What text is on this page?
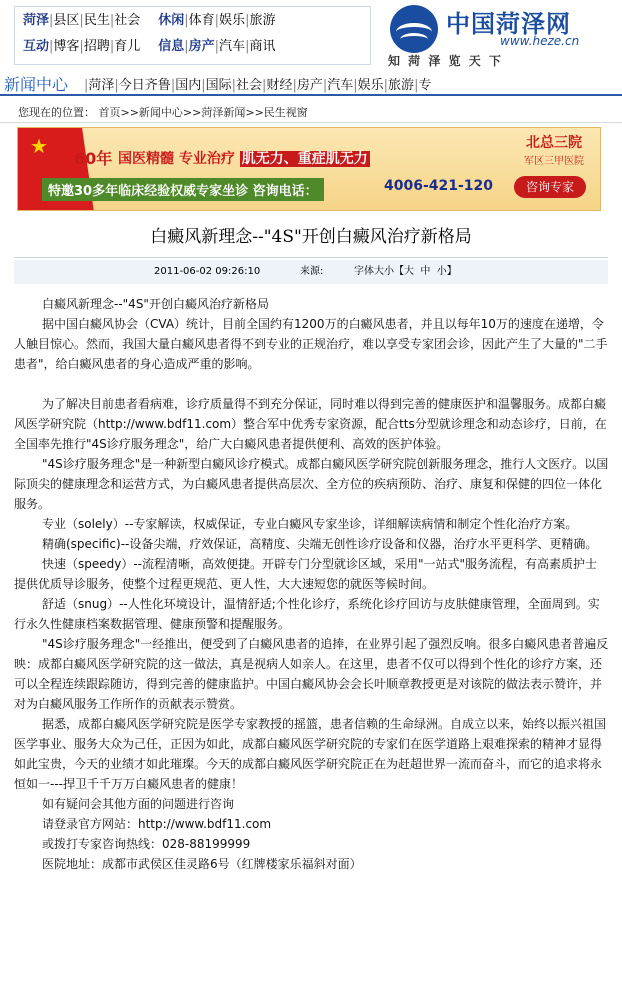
菏泽|县区|民生|社会 休闲|体育|娱乐|旅游
互动|博客|招聘|育儿 信息|房产|汽车|商讯
中国菏泽网
www.heze.cn
知 菏 泽 览 天 下
新闻中心 |菏泽|今日齐鲁|国内|国际|社会|财经|房产|汽车|娱乐|旅游|专
您现在的位置： 首页>>新闻中心>>菏泽新闻>>民生视窗
★
60年 国医精髓 专业治疗 肌无力、重症肌无力
特邀30多年临床经验权威专家坐诊 咨询电话：	4006-421-120
北总三院
军区三甲医院
咨询专家
白癜风新理念--"4S"开创白癜风治疗新格局
2011-06-02 09:26:10	来源:	字体大小【大 中 小】

白癜风新理念--"4S"开创白癜风治疗新格局

据中国白癜风协会（CVA）统计，目前全国约有1200万的白癜风患者，并且以每年10万的速度在递增，令人触目惊心。然而，我国大量白癜风患者得不到专业的正规治疗，难以享受专家团会诊，因此产生了大量的"二手患者"，给白癜风患者的身心造成严重的影响。

为了解决目前患者看病难，诊疗质量得不到充分保证，同时难以得到完善的健康医护和温馨服务。成都白癜风医学研究院（http://www.bdf11.com）整合军中优秀专家资源，配合tts分型就诊理念和动态诊疗，日前，在全国率先推行"4S诊疗服务理念"，给广大白癜风患者提供便利、高效的医护体验。

"4S诊疗服务理念"是一种新型白癜风诊疗模式。成都白癜风医学研究院创新服务理念，推行人文医疗。以国际顶尖的健康理念和运营方式，为白癜风患者提供高层次、全方位的疾病预防、治疗、康复和保健的四位一体化服务。

专业（solely）--专家解读，权威保证，专业白癜风专家坐诊，详细解读病情和制定个性化治疗方案。

精确(specific)--设备尖端，疗效保证，高精度、尖端无创性诊疗设备和仪器，治疗水平更科学、更精确。

快速（speedy）--流程清晰，高效便捷。开辟专门分型就诊区域，采用"一站式"服务流程，有高素质护士提供优质导诊服务，使整个过程更规范、更人性，大大速短您的就医等候时间。

舒适（snug）--人性化环境设计，温情舒适;个性化诊疗，系统化诊疗回访与皮肤健康管理，全面周到。实行永久性健康档案数据管理、健康预警和提醒服务。

"4S诊疗服务理念"一经推出，便受到了白癜风患者的追捧，在业界引起了强烈反响。很多白癜风患者普遍反映：成都白癜风医学研究院的这一做法，真是视病人如亲人。在这里，患者不仅可以得到个性化的诊疗方案，还可以全程连续跟踪随访，得到完善的健康监护。中国白癜风协会会长叶顺章教授更是对该院的做法表示赞许，并对为白癜风服务工作所作的贡献表示赞赏。

据悉，成都白癜风医学研究院是医学专家教授的摇篮，患者信赖的生命绿洲。自成立以来，始终以振兴祖国医学事业、服务大众为己任，正因为如此，成都白癜风医学研究院的专家们在医学道路上艰难探索的精神才显得如此宝贵，今天的业绩才如此璀璨。今天的成都白癜风医学研究院正在为赶超世界一流而奋斗，而它的追求将永恒如一---捍卫千千万万白癜风患者的健康！

如有疑问会其他方面的问题进行咨询

请登录官方网站：http://www.bdf11.com

或拨打专家咨询热线：028-88199999

医院地址：成都市武侯区佳灵路6号（红牌楼家乐福斜对面）
